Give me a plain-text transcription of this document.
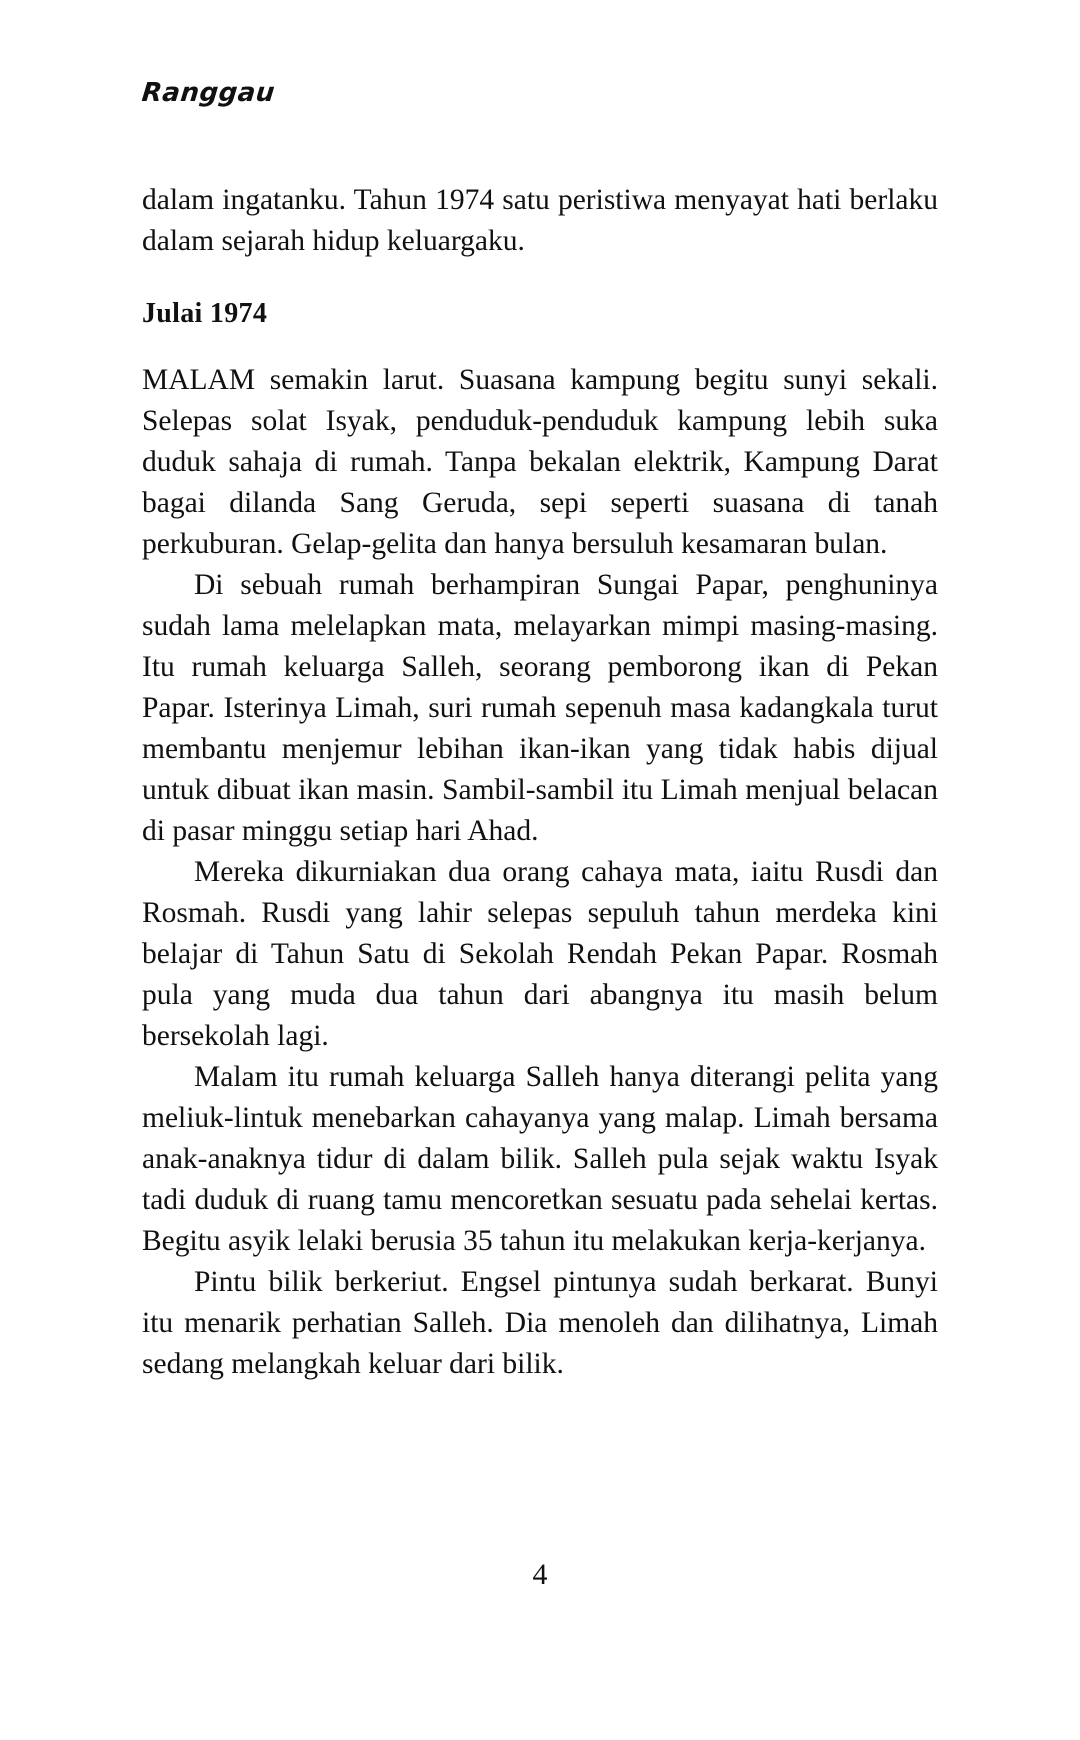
Ranggau

dalam ingatanku. Tahun 1974 satu peristiwa menyayat hati berlaku dalam sejarah hidup keluargaku.

Julai 1974

MALAM semakin larut. Suasana kampung begitu sunyi sekali. Selepas solat Isyak, penduduk-penduduk kampung lebih suka duduk sahaja di rumah. Tanpa bekalan elektrik, Kampung Darat bagai dilanda Sang Geruda, sepi seperti suasana di tanah perkuburan. Gelap-gelita dan hanya bersuluh kesamaran bulan.

Di sebuah rumah berhampiran Sungai Papar, penghuninya sudah lama melelapkan mata, melayarkan mimpi masing-masing. Itu rumah keluarga Salleh, seorang pemborong ikan di Pekan Papar. Isterinya Limah, suri rumah sepenuh masa kadangkala turut membantu menjemur lebihan ikan-ikan yang tidak habis dijual untuk dibuat ikan masin. Sambil-sambil itu Limah menjual belacan di pasar minggu setiap hari Ahad.

Mereka dikurniakan dua orang cahaya mata, iaitu Rusdi dan Rosmah. Rusdi yang lahir selepas sepuluh tahun merdeka kini belajar di Tahun Satu di Sekolah Rendah Pekan Papar. Rosmah pula yang muda dua tahun dari abangnya itu masih belum bersekolah lagi.

Malam itu rumah keluarga Salleh hanya diterangi pelita yang meliuk-lintuk menebarkan cahayanya yang malap. Limah bersama anak-anaknya tidur di dalam bilik. Salleh pula sejak waktu Isyak tadi duduk di ruang tamu mencoretkan sesuatu pada sehelai kertas. Begitu asyik lelaki berusia 35 tahun itu melakukan kerja-kerjanya.

Pintu bilik berkeriut. Engsel pintunya sudah berkarat. Bunyi itu menarik perhatian Salleh. Dia menoleh dan dilihatnya, Limah sedang melangkah keluar dari bilik.

4
